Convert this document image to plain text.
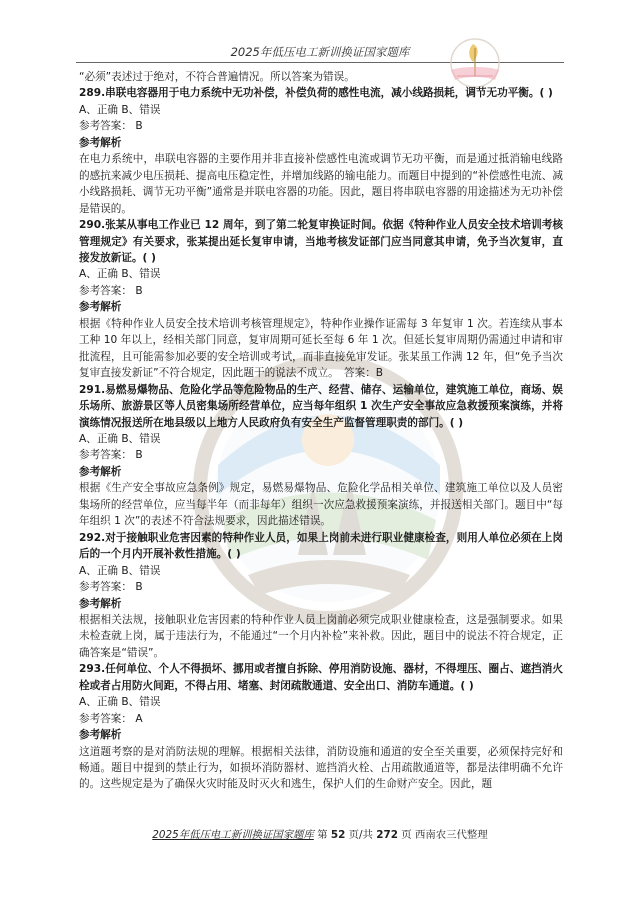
2025年低压电工新训换证国家题库

“必须”表述过于绝对，不符合普遍情况。所以答案为错误。

289.串联电容器用于电力系统中无功补偿，补偿负荷的感性电流，减小线路损耗，调节无功平衡。( )

A、正确 B、错误

参考答案： B

参考解析

在电力系统中，串联电容器的主要作用并非直接补偿感性电流或调节无功平衡，而是通过抵消输电线路的感抗来减少电压损耗、提高电压稳定性，并增加线路的输电能力。而题目中提到的“补偿感性电流、减小线路损耗、调节无功平衡”通常是并联电容器的功能。因此，题目将串联电容器的用途描述为无功补偿是错误的。

290.张某从事电工作业已 12 周年，到了第二轮复审换证时间。依据《特种作业人员安全技术培训考核管理规定》有关要求，张某提出延长复审申请，当地考核发证部门应当同意其申请，免予当次复审，直接发放新证。( )

A、正确 B、错误

参考答案： B

参考解析

根据《特种作业人员安全技术培训考核管理规定》，特种作业操作证需每 3 年复审 1 次。若连续从事本工种 10 年以上，经相关部门同意，复审周期可延长至每 6 年 1 次。但延长复审周期仍需通过申请和审批流程，且可能需参加必要的安全培训或考试，而非直接免审发证。张某虽工作满 12 年，但“免予当次复审直接发新证”不符合规定，因此题干的说法不成立。　答案：B

291.易燃易爆物品、危险化学品等危险物品的生产、经营、储存、运输单位，建筑施工单位，商场、娱乐场所、旅游景区等人员密集场所经营单位，应当每年组织 1 次生产安全事故应急救援预案演练，并将演练情况报送所在地县级以上地方人民政府负有安全生产监督管理职责的部门。( )

A、正确 B、错误

参考答案： B

参考解析

根据《生产安全事故应急条例》规定，易燃易爆物品、危险化学品相关单位、建筑施工单位以及人员密集场所的经营单位，应当每半年（而非每年）组织一次应急救援预案演练，并报送相关部门。题目中“每年组织 1 次”的表述不符合法规要求，因此描述错误。

292.对于接触职业危害因素的特种作业人员，如果上岗前未进行职业健康检查，则用人单位必须在上岗后的一个月内开展补救性措施。( )

A、正确 B、错误

参考答案： B

参考解析

根据相关法规，接触职业危害因素的特种作业人员上岗前必须完成职业健康检查，这是强制要求。如果未检查就上岗，属于违法行为，不能通过“一个月内补检”来补救。因此，题目中的说法不符合规定，正确答案是“错误”。

293.任何单位、个人不得损坏、挪用或者擅自拆除、停用消防设施、器材，不得埋压、圈占、遮挡消火栓或者占用防火间距，不得占用、堵塞、封闭疏散通道、安全出口、消防车通道。( )

A、正确 B、错误

参考答案： A

参考解析

这道题考察的是对消防法规的理解。根据相关法律，消防设施和通道的安全至关重要，必须保持完好和畅通。题目中提到的禁止行为，如损坏消防器材、遮挡消火栓、占用疏散通道等，都是法律明确不允许的。这些规定是为了确保火灾时能及时灭火和逃生，保护人们的生命财产安全。因此，题

2025年低压电工新训换证国家题库 第 52 页/共 272 页 西南农三代整理
